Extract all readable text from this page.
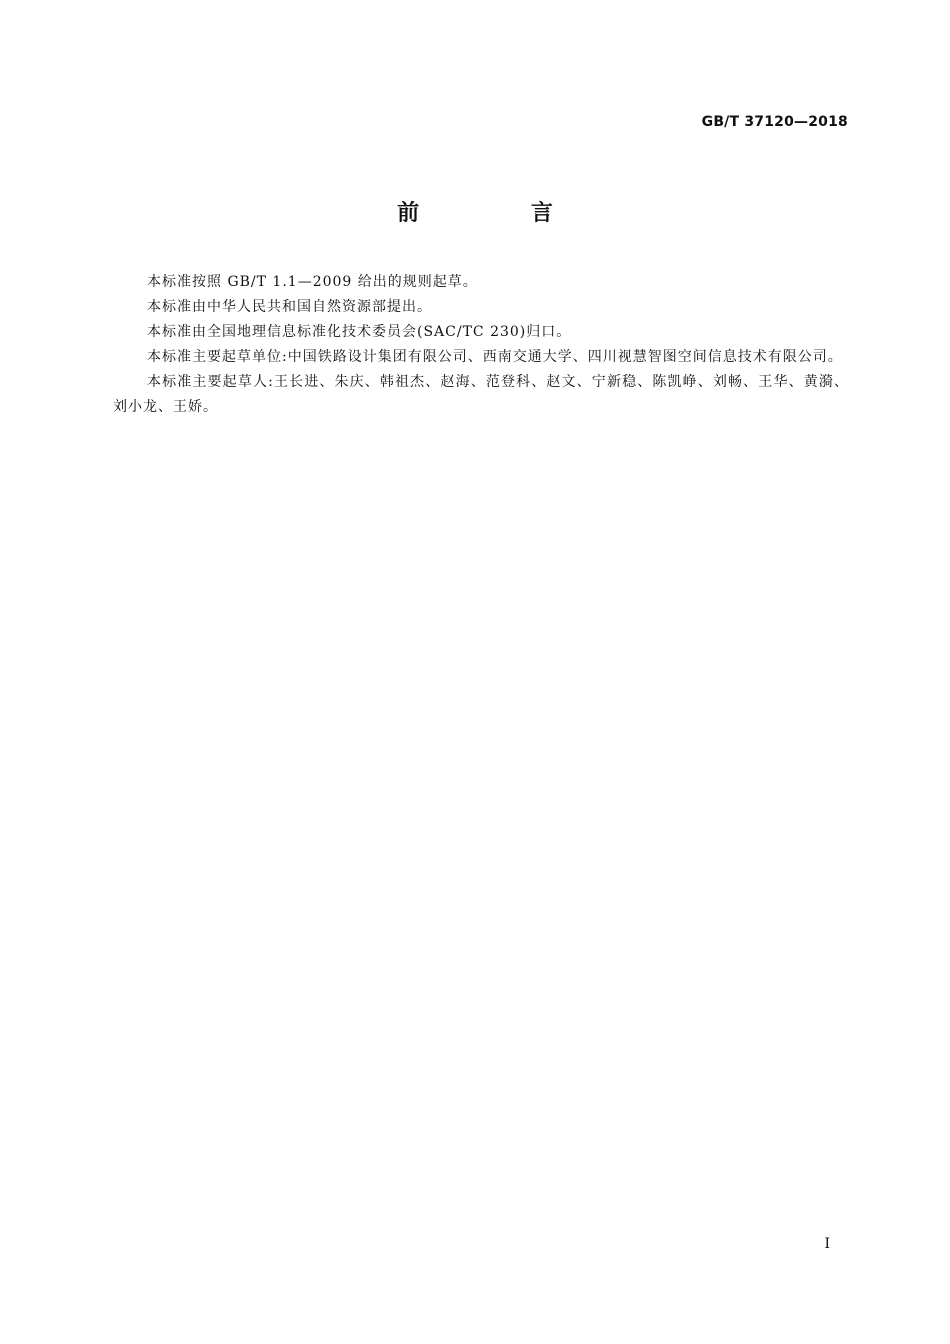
GB/T 37120—2018
前 言

本标准按照 GB/T 1.1—2009 给出的规则起草。

本标准由中华人民共和国自然资源部提出。

本标准由全国地理信息标准化技术委员会(SAC/TC 230)归口。

本标准主要起草单位:中国铁路设计集团有限公司、西南交通大学、四川视慧智图空间信息技术有限公司。

本标准主要起草人:王长进、朱庆、韩祖杰、赵海、范登科、赵文、宁新稳、陈凯峥、刘畅、王华、黄漪、刘小龙、王娇。

I
